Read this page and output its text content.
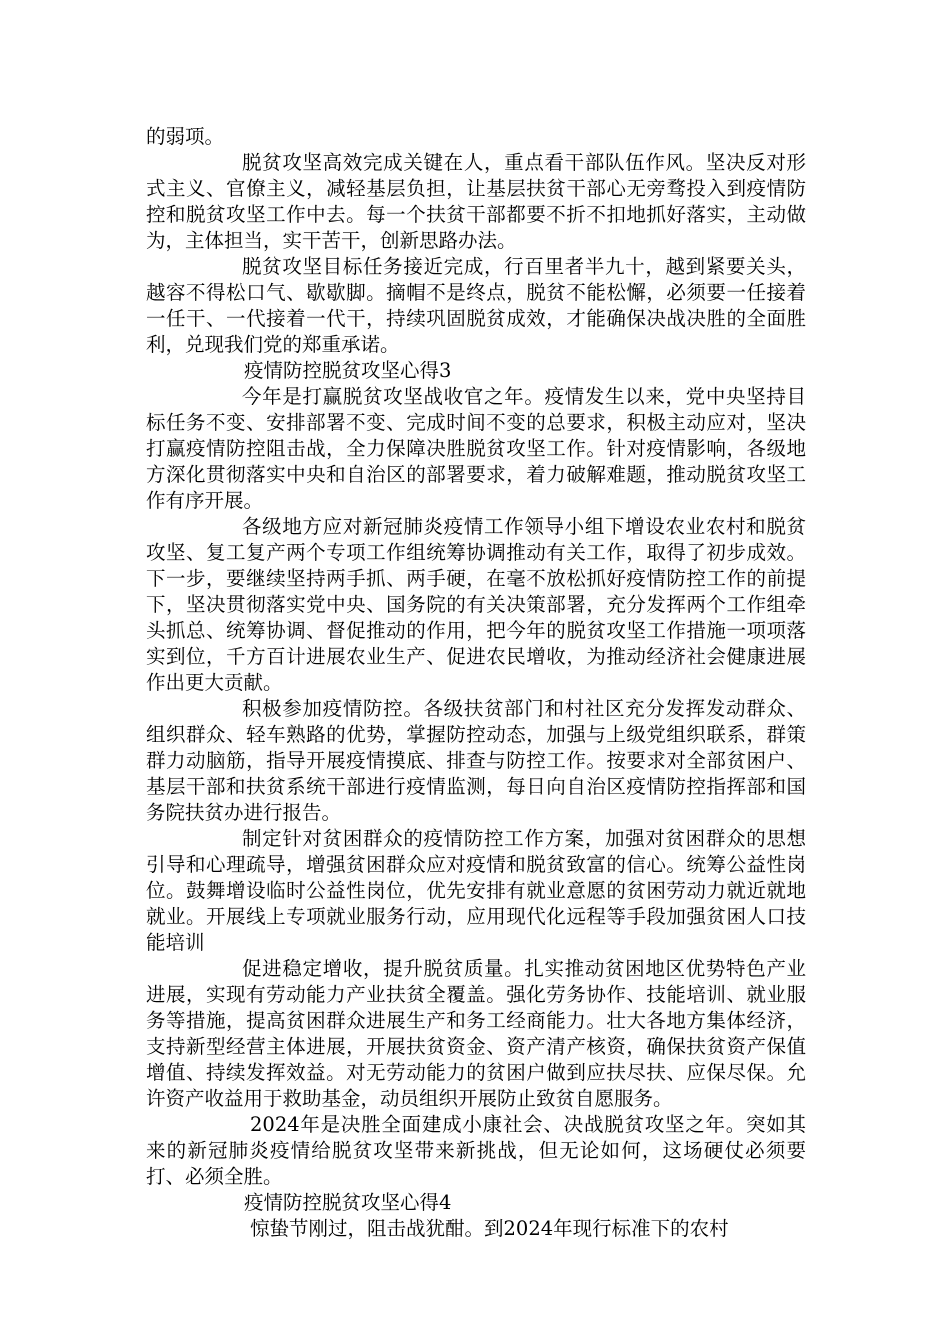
的弱项。

脱贫攻坚高效完成关键在人，重点看干部队伍作风。坚决反对形式主义、官僚主义，减轻基层负担，让基层扶贫干部心无旁骛投入到疫情防控和脱贫攻坚工作中去。每一个扶贫干部都要不折不扣地抓好落实，主动做为，主体担当，实干苦干，创新思路办法。

脱贫攻坚目标任务接近完成，行百里者半九十，越到紧要关头，越容不得松口气、歇歇脚。摘帽不是终点，脱贫不能松懈，必须要一任接着一任干、一代接着一代干，持续巩固脱贫成效，才能确保决战决胜的全面胜利，兑现我们党的郑重承诺。

疫情防控脱贫攻坚心得3

今年是打赢脱贫攻坚战收官之年。疫情发生以来，党中央坚持目标任务不变、安排部署不变、完成时间不变的总要求，积极主动应对，坚决打赢疫情防控阻击战，全力保障决胜脱贫攻坚工作。针对疫情影响，各级地方深化贯彻落实中央和自治区的部署要求，着力破解难题，推动脱贫攻坚工作有序开展。

各级地方应对新冠肺炎疫情工作领导小组下增设农业农村和脱贫攻坚、复工复产两个专项工作组统筹协调推动有关工作，取得了初步成效。下一步，要继续坚持两手抓、两手硬，在毫不放松抓好疫情防控工作的前提下，坚决贯彻落实党中央、国务院的有关决策部署，充分发挥两个工作组牵头抓总、统筹协调、督促推动的作用，把今年的脱贫攻坚工作措施一项项落实到位，千方百计进展农业生产、促进农民增收，为推动经济社会健康进展作出更大贡献。

积极参加疫情防控。各级扶贫部门和村社区充分发挥发动群众、组织群众、轻车熟路的优势，掌握防控动态，加强与上级党组织联系，群策群力动脑筋，指导开展疫情摸底、排查与防控工作。按要求对全部贫困户、基层干部和扶贫系统干部进行疫情监测，每日向自治区疫情防控指挥部和国务院扶贫办进行报告。

制定针对贫困群众的疫情防控工作方案，加强对贫困群众的思想引导和心理疏导，增强贫困群众应对疫情和脱贫致富的信心。统筹公益性岗位。鼓舞增设临时公益性岗位，优先安排有就业意愿的贫困劳动力就近就地就业。开展线上专项就业服务行动，应用现代化远程等手段加强贫困人口技能培训

促进稳定增收，提升脱贫质量。扎实推动贫困地区优势特色产业进展，实现有劳动能力产业扶贫全覆盖。强化劳务协作、技能培训、就业服务等措施，提高贫困群众进展生产和务工经商能力。壮大各地方集体经济，支持新型经营主体进展，开展扶贫资金、资产清产核资，确保扶贫资产保值增值、持续发挥效益。对无劳动能力的贫困户做到应扶尽扶、应保尽保。允许资产收益用于救助基金，动员组织开展防止致贫自愿服务。

2024年是决胜全面建成小康社会、决战脱贫攻坚之年。突如其来的新冠肺炎疫情给脱贫攻坚带来新挑战，但无论如何，这场硬仗必须要打、必须全胜。

疫情防控脱贫攻坚心得4

惊蛰节刚过，阻击战犹酣。到2024年现行标准下的农村
